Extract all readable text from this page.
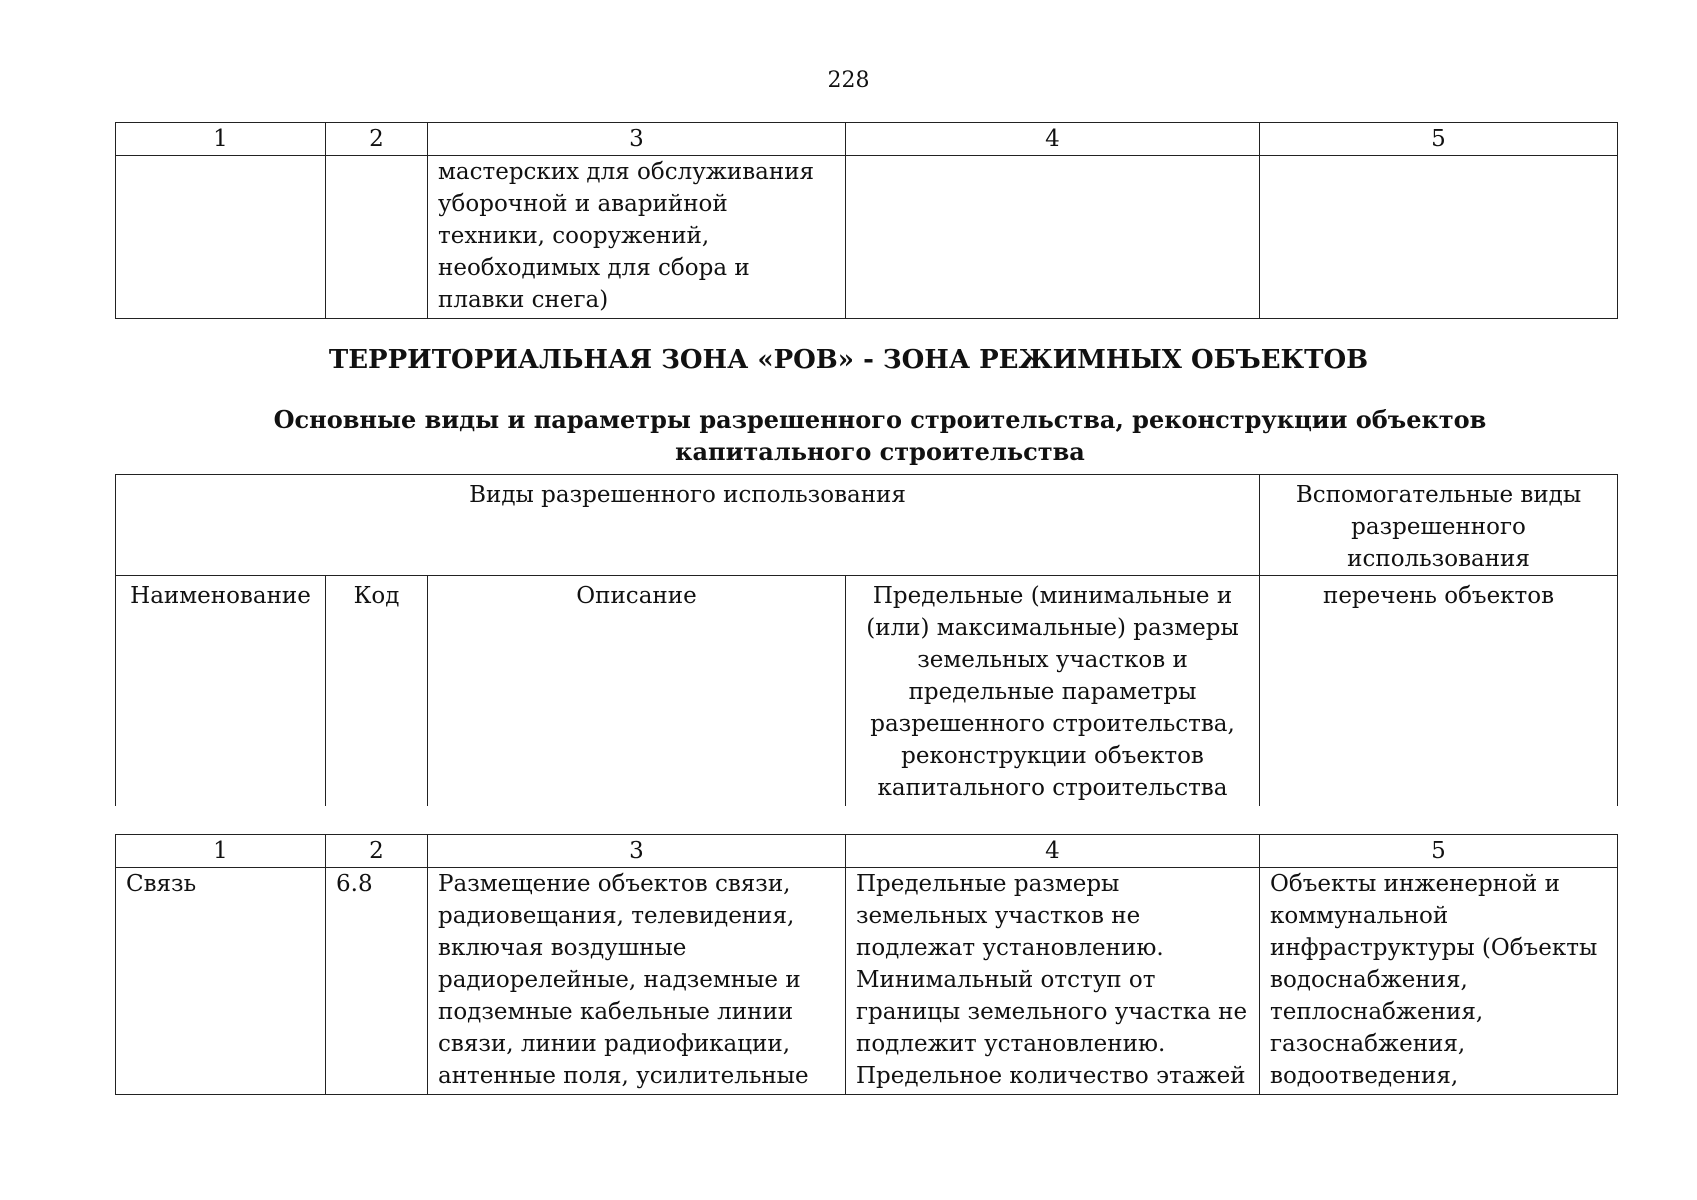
228
1	2	3	4	5
		мастерских для обслуживания уборочной и аварийной техники, сооружений, необходимых для сбора и плавки снега)		
ТЕРРИТОРИАЛЬНАЯ ЗОНА «РОВ» - ЗОНА РЕЖИМНЫХ ОБЪЕКТОВ
Основные виды и параметры разрешенного строительства, реконструкции объектов капитального строительства
Виды разрешенного использования				Вспомогательные виды разрешенного использования
Наименование	Код	Описание	Предельные (минимальные и (или) максимальные) размеры земельных участков и предельные параметры разрешенного строительства, реконструкции объектов капитального строительства	перечень объектов
1	2	3	4	5

Связь	6.8	Размещение объектов связи, радиовещания, телевидения, включая воздушные радиорелейные, надземные и подземные кабельные линии связи, линии радиофикации, антенные поля, усилительные	Предельные размеры земельных участков не подлежат установлению. Минимальный отступ от границы земельного участка не подлежит установлению. Предельное количество этажей	Объекты инженерной и коммунальной инфраструктуры (Объекты водоснабжения, теплоснабжения, газоснабжения, водоотведения,
